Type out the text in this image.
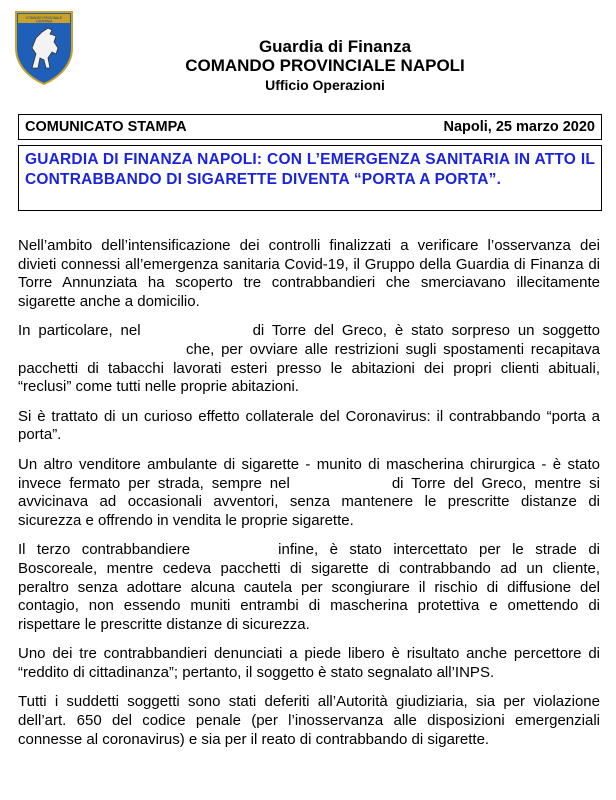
COMANDO REGIONALE
CAMPANIA
Guardia di Finanza
COMANDO PROVINCIALE NAPOLI
Ufficio Operazioni
COMUNICATO STAMPA	Napoli, 25 marzo 2020
GUARDIA DI FINANZA NAPOLI: CON L’EMERGENZA SANITARIA IN ATTO IL CONTRABBANDO DI SIGARETTE DIVENTA “PORTA A PORTA”.

Nell’ambito dell’intensificazione dei controlli finalizzati a verificare l’osservanza dei divieti connessi all’emergenza sanitaria Covid-19, il Gruppo della Guardia di Finanza di Torre Annunziata ha scoperto tre contrabbandieri che smerciavano illecitamente sigarette anche a domicilio.

In particolare, nel	di Torre del Greco, è stato sorpreso un soggettoche, per ovviare alle restrizioni sugli spostamenti recapitava pacchetti di tabacchi lavorati esteri presso le abitazioni dei propri clienti abituali, “reclusi” come tutti nelle proprie abitazioni.

Si è trattato di un curioso effetto collaterale del Coronavirus: il contrabbando “porta a porta”.

Un altro venditore ambulante di sigarette - munito di mascherina chirurgica - è stato invece fermato per strada, sempre nel	di Torre del Greco, mentre si avvicinava ad occasionali avventori, senza mantenere le prescritte distanze di sicurezza e offrendo in vendita le proprie sigarette.

Il terzo contrabbandiere	infine, è stato intercettato per le strade di Boscoreale, mentre cedeva pacchetti di sigarette di contrabbando ad un cliente, peraltro senza adottare alcuna cautela per scongiurare il rischio di diffusione del contagio, non essendo muniti entrambi di mascherina protettiva e omettendo di rispettare le prescritte distanze di sicurezza.

Uno dei tre contrabbandieri denunciati a piede libero è risultato anche percettore di “reddito di cittadinanza”; pertanto, il soggetto è stato segnalato all’INPS.

Tutti i suddetti soggetti sono stati deferiti all’Autorità giudiziaria, sia per violazione dell’art. 650 del codice penale (per l’inosservanza alle disposizioni emergenziali connesse al coronavirus) e sia per il reato di contrabbando di sigarette.
